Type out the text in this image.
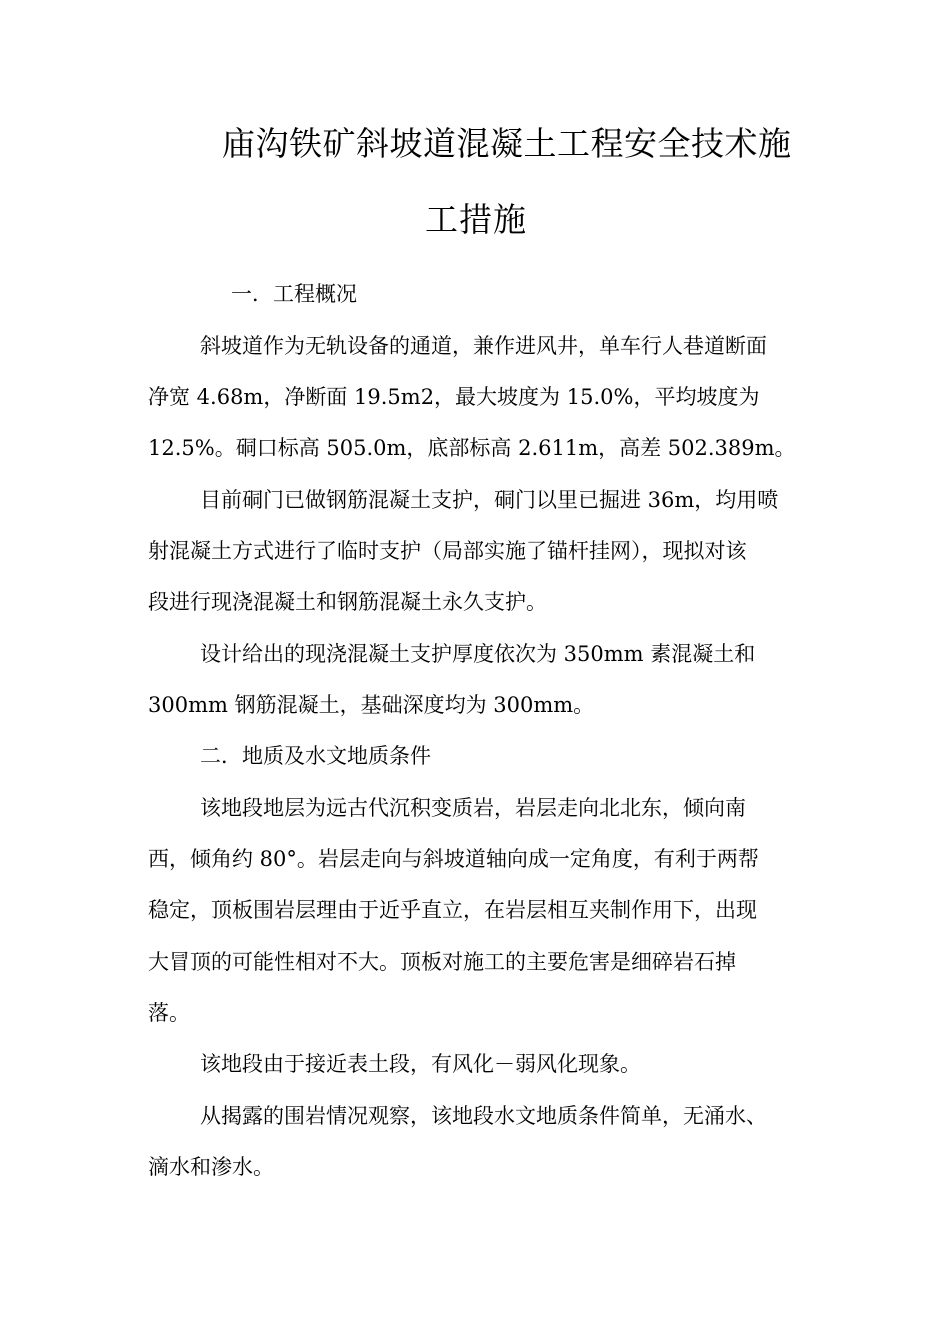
庙沟铁矿斜坡道混凝土工程安全技术施
工措施
一．工程概况
斜坡道作为无轨设备的通道，兼作进风井，单车行人巷道断面
净宽 4.68m，净断面 19.5m2，最大坡度为 15.0%，平均坡度为
12.5%。硐口标高 505.0m，底部标高 2.611m，高差 502.389m。
目前硐门已做钢筋混凝土支护，硐门以里已掘进 36m，均用喷
射混凝土方式进行了临时支护（局部实施了锚杆挂网），现拟对该
段进行现浇混凝土和钢筋混凝土永久支护。
设计给出的现浇混凝土支护厚度依次为 350mm 素混凝土和
300mm 钢筋混凝土，基础深度均为 300mm。
二．地质及水文地质条件
该地段地层为远古代沉积变质岩，岩层走向北北东，倾向南
西，倾角约 80°。岩层走向与斜坡道轴向成一定角度，有利于两帮
稳定，顶板围岩层理由于近乎直立，在岩层相互夹制作用下，出现
大冒顶的可能性相对不大。顶板对施工的主要危害是细碎岩石掉
落。
该地段由于接近表土段，有风化－弱风化现象。
从揭露的围岩情况观察，该地段水文地质条件简单，无涌水、
滴水和渗水。
